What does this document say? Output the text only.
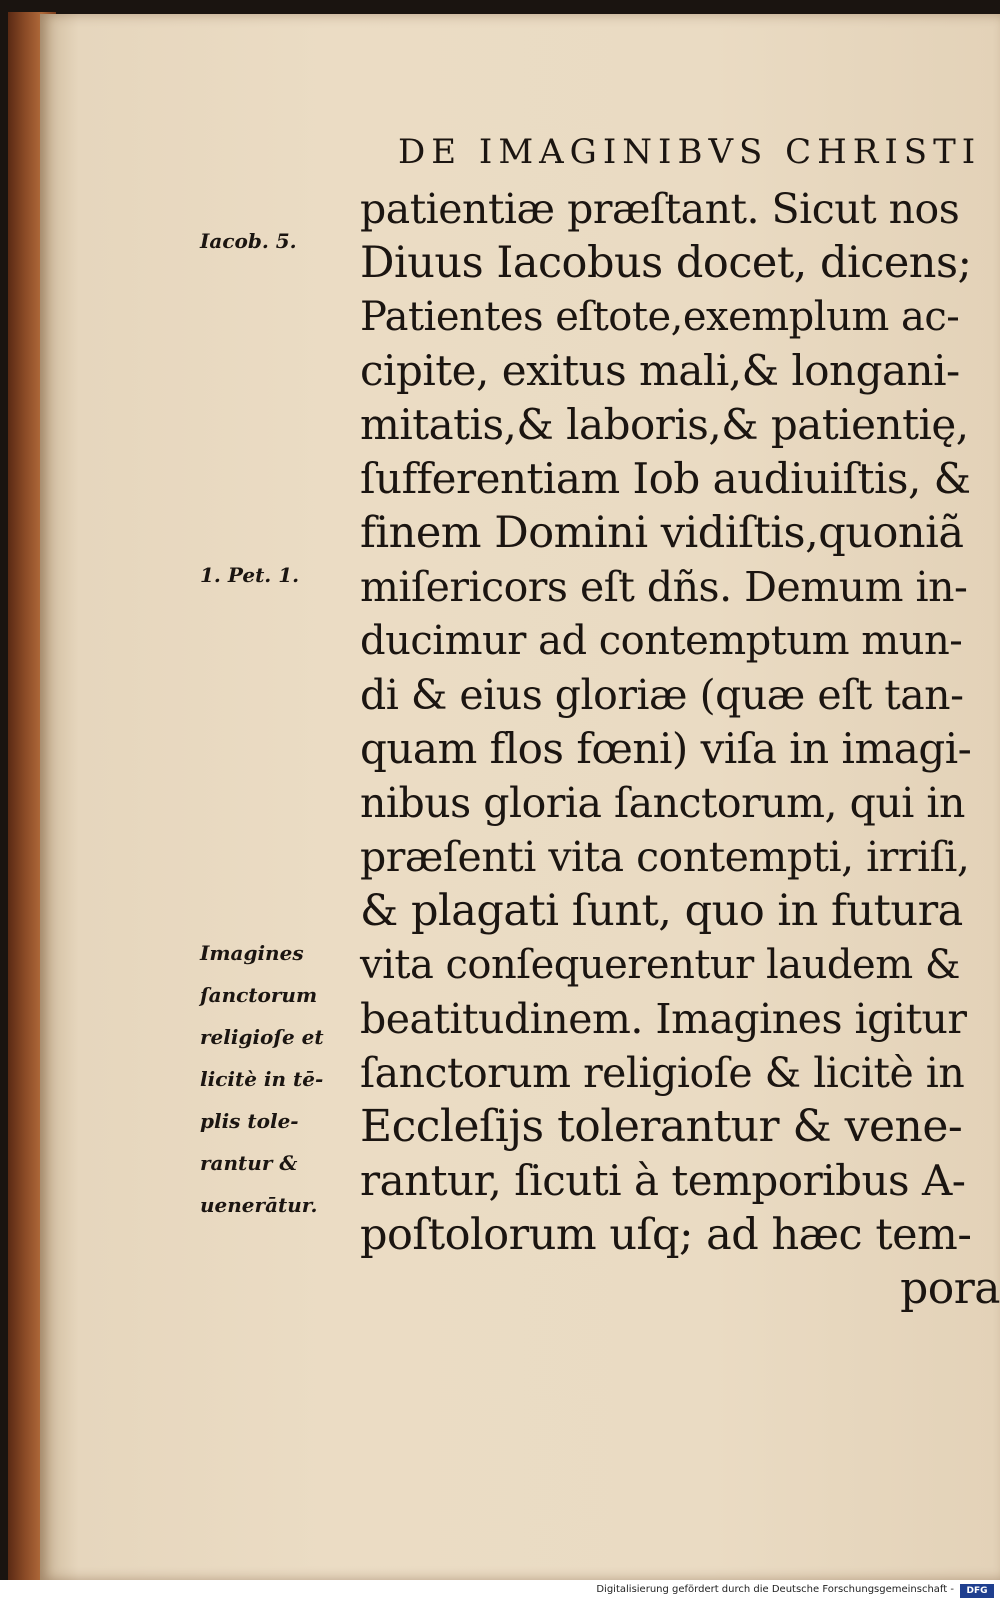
DE IMAGINIBVS CHRISTI
Iacob. 5.
1. Pet. 1.
Imagines
ſanctorum
religioſe et
licitè in tē-
plis tole-
rantur &
uenerātur.
patientiæ præſtant. Sicut nos
Diuus Iacobus docet, dicens;
Patientes eſtote,exemplum ac-
cipite, exitus mali,& longani-
mitatis,& laboris,& patientię,
ſufferentiam Iob audiuiſtis, &
finem Domini vidiſtis,quoniã
miſericors eſt dñs. Demum in-
ducimur ad contemptum mun-
di & eius gloriæ (quæ eſt tan-
quam flos fœni) viſa in imagi-
nibus gloria ſanctorum, qui in
præſenti vita contempti, irriſi,
& plagati ſunt, quo in futura
vita conſequerentur laudem &
beatitudinem. Imagines igitur
ſanctorum religioſe & licitè in
Eccleſijs tolerantur & vene-
rantur, ſicuti à temporibus A-
poſtolorum uſq; ad hæc tem-
pora
Digitalisierung gefördert durch die Deutsche Forschungsgemeinschaft -	DFG
